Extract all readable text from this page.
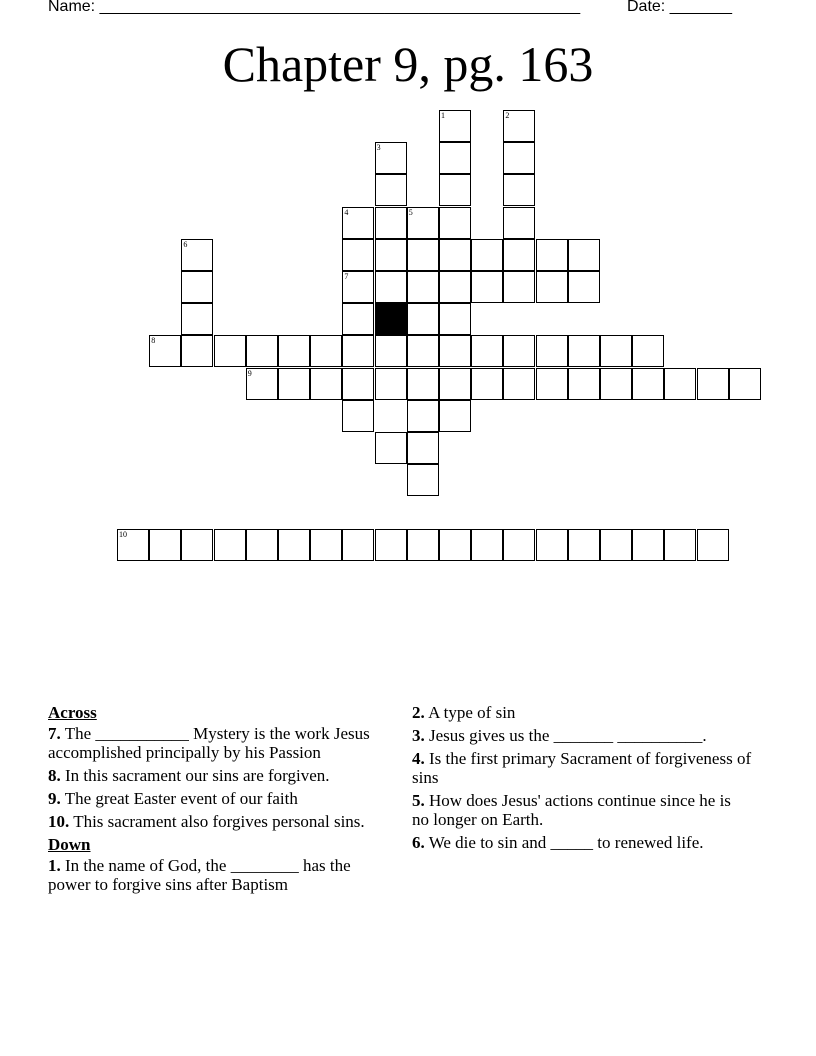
Name: ______________________________________________________	Date: _______
Chapter 9, pg. 163
1	2
3
4	5
6
7
8
9
10
Across
7. The ___________ Mystery is the work Jesus accomplished principally by his Passion
8. In this sacrament our sins are forgiven.
9. The great Easter event of our faith
10. This sacrament also forgives personal sins.
Down
1. In the name of God, the ________ has the power to forgive sins after Baptism
2. A type of sin
3. Jesus gives us the _______ __________.
4. Is the first primary Sacrament of forgiveness of sins
5. How does Jesus' actions continue since he is no longer on Earth.
6. We die to sin and _____ to renewed life.
